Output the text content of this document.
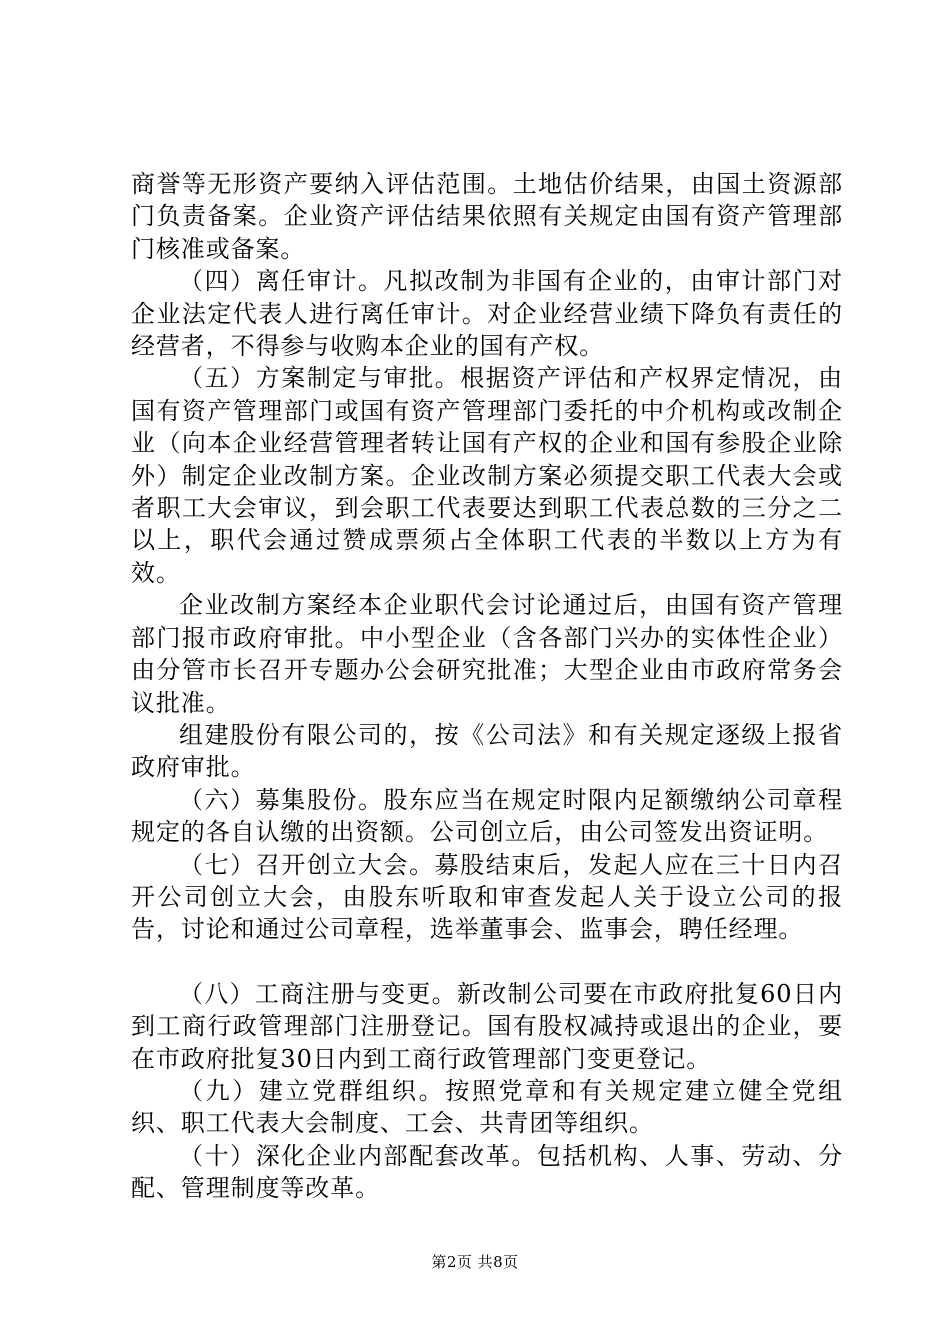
商誉等无形资产要纳入评估范围。土地估价结果，由国土资源部门负责备案。企业资产评估结果依照有关规定由国有资产管理部门核准或备案。

（四）离任审计。凡拟改制为非国有企业的，由审计部门对企业法定代表人进行离任审计。对企业经营业绩下降负有责任的经营者，不得参与收购本企业的国有产权。

（五）方案制定与审批。根据资产评估和产权界定情况，由国有资产管理部门或国有资产管理部门委托的中介机构或改制企业（向本企业经营管理者转让国有产权的企业和国有参股企业除外）制定企业改制方案。企业改制方案必须提交职工代表大会或者职工大会审议，到会职工代表要达到职工代表总数的三分之二以上，职代会通过赞成票须占全体职工代表的半数以上方为有效。

企业改制方案经本企业职代会讨论通过后，由国有资产管理部门报市政府审批。中小型企业（含各部门兴办的实体性企业）由分管市长召开专题办公会研究批准；大型企业由市政府常务会议批准。

组建股份有限公司的，按《公司法》和有关规定逐级上报省政府审批。

（六）募集股份。股东应当在规定时限内足额缴纳公司章程规定的各自认缴的出资额。公司创立后，由公司签发出资证明。

（七）召开创立大会。募股结束后，发起人应在三十日内召开公司创立大会，由股东听取和审查发起人关于设立公司的报告，讨论和通过公司章程，选举董事会、监事会，聘任经理。

（八）工商注册与变更。新改制公司要在市政府批复60日内到工商行政管理部门注册登记。国有股权减持或退出的企业，要在市政府批复30日内到工商行政管理部门变更登记。

（九）建立党群组织。按照党章和有关规定建立健全党组织、职工代表大会制度、工会、共青团等组织。

（十）深化企业内部配套改革。包括机构、人事、劳动、分配、管理制度等改革。

第2页 共8页
